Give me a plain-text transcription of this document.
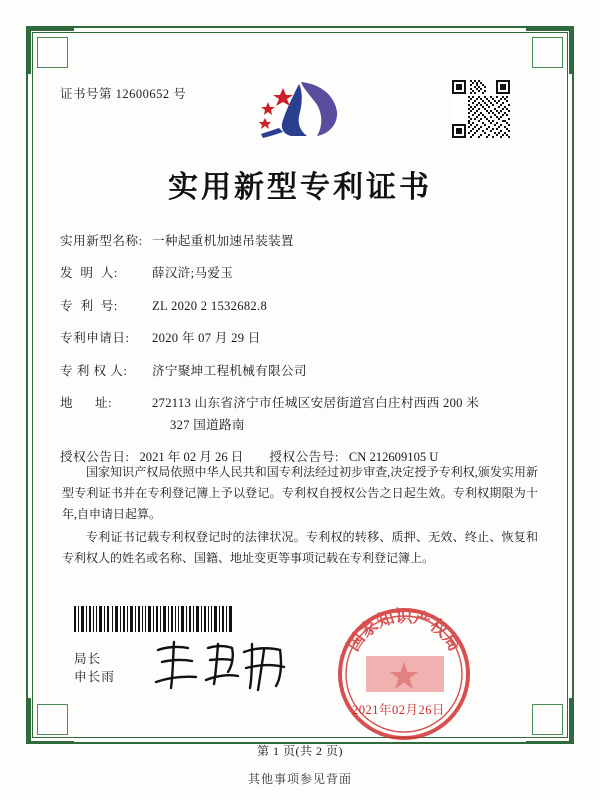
证书号第 12600652 号
实用新型专利证书
实用新型名称: 一种起重机加速吊装装置
发  明  人:	薛汉浒;马爱玉
专  利  号:	ZL 2020 2 1532682.8
专利申请日:	2020 年 07 月 29 日
专 利 权 人:	济宁聚坤工程机械有限公司
地      址:	272113 山东省济宁市任城区安居街道宫白庄村西西 200 米
327 国道路南
授权公告日: 2021 年 02 月 26 日 授权公告号: CN 212609105 U

国家知识产权局依照中华人民共和国专利法经过初步审查,决定授予专利权,颁发实用新型专利证书并在专利登记簿上予以登记。专利权自授权公告之日起生效。专利权期限为十年,自申请日起算。

专利证书记载专利权登记时的法律状况。专利权的转移、质押、无效、终止、恢复和专利权人的姓名或名称、国籍、地址变更等事项记载在专利登记簿上。

局长
申长雨
国家知识产权局
2021年02月26日
第 1 页(共 2 页)
其他事项参见背面
